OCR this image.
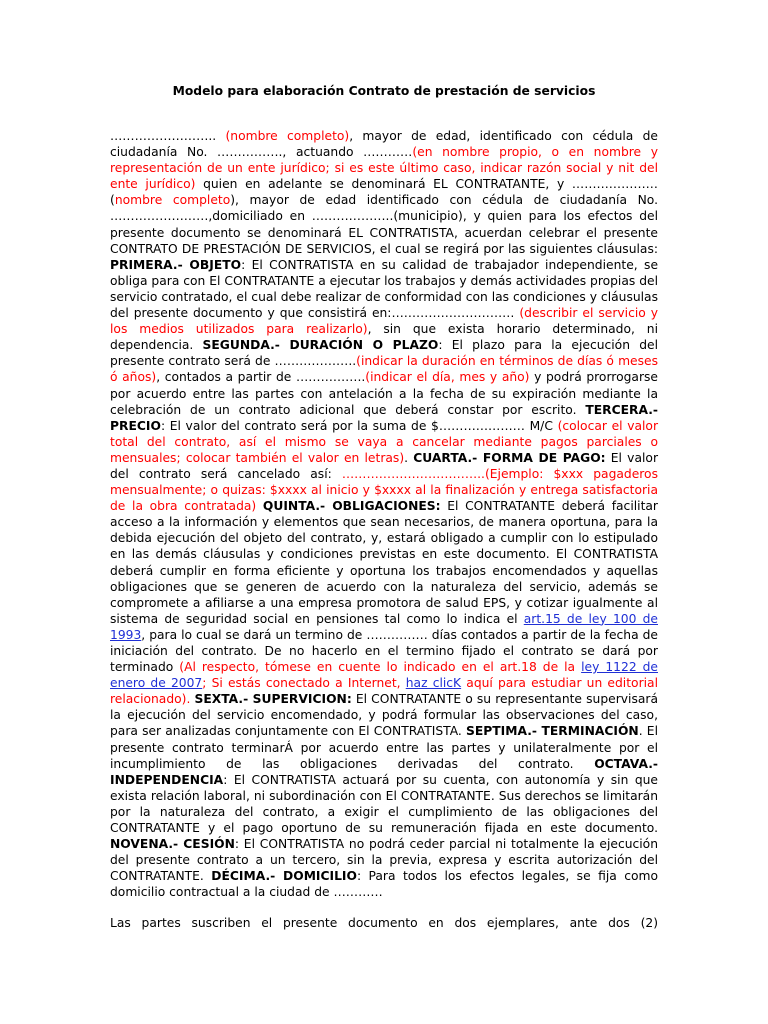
Modelo para elaboración Contrato de prestación de servicios
…………………….. (nombre completo), mayor de edad, identificado con cédula de ciudadanía No. ……………., actuando …………(en nombre propio, o en nombre y representación de un ente jurídico; si es este último caso, indicar razón social y nit del ente jurídico) quien en adelante se denominará EL CONTRATANTE, y …………………(nombre completo), mayor de edad identificado con cédula de ciudadanía No. ……………………,domiciliado en ………………..(municipio), y quien para los efectos del presente documento se denominará EL CONTRATISTA, acuerdan celebrar el presente CONTRATO DE PRESTACIÓN DE SERVICIOS, el cual se regirá por las siguientes cláusulas: PRIMERA.- OBJETO: El CONTRATISTA en su calidad de trabajador independiente, se obliga para con El CONTRATANTE a ejecutar los trabajos y demás actividades propias del servicio contratado, el cual debe realizar de conformidad con las condiciones y cláusulas del presente documento y que consistirá en:………………………… (describir el servicio y los medios utilizados para realizarlo), sin que exista horario determinado, ni dependencia. SEGUNDA.- DURACIÓN O PLAZO: El plazo para la ejecución del presente contrato será de ………………..(indicar la duración en términos de días ó meses ó años), contados a partir de ……………..(indicar el día, mes y año) y podrá prorrogarse por acuerdo entre las partes con antelación a la fecha de su expiración mediante la celebración de un contrato adicional que deberá constar por escrito. TERCERA.- PRECIO: El valor del contrato será por la suma de $………………… M/C (colocar el valor total del contrato, así el mismo se vaya a cancelar mediante pagos parciales o mensuales; colocar también el valor en letras). CUARTA.- FORMA DE PAGO: El valor del contrato será cancelado así: ……………………………..(Ejemplo: $xxx pagaderos mensualmente; o quizas: $xxxx al inicio y $xxxx al la finalización y entrega satisfactoria de la obra contratada) QUINTA.- OBLIGACIONES: El CONTRATANTE deberá facilitar acceso a la información y elementos que sean necesarios, de manera oportuna, para la debida ejecución del objeto del contrato, y, estará obligado a cumplir con lo estipulado en las demás cláusulas y condiciones previstas en este documento. El CONTRATISTA deberá cumplir en forma eficiente y oportuna los trabajos encomendados y aquellas obligaciones que se generen de acuerdo con la naturaleza del servicio, además se compromete a afiliarse a una empresa promotora de salud EPS, y cotizar igualmente al sistema de seguridad social en pensiones tal como lo indica el art.15 de ley 100 de 1993, para lo cual se dará un termino de …………… días contados a partir de la fecha de iniciación del contrato. De no hacerlo en el termino fijado el contrato se dará por terminado (Al respecto, tómese en cuente lo indicado en el art.18 de la ley 1122 de enero de 2007; Si estás conectado a Internet, haz clicK aquí para estudiar un editorial relacionado). SEXTA.- SUPERVICION: El CONTRATANTE o su representante supervisará la ejecución del servicio encomendado, y podrá formular las observaciones del caso, para ser analizadas conjuntamente con El CONTRATISTA. SEPTIMA.- TERMINACIÓN. El presente contrato terminarÁ por acuerdo entre las partes y unilateralmente por el incumplimiento de las obligaciones derivadas del contrato. OCTAVA.- INDEPENDENCIA: El CONTRATISTA actuará por su cuenta, con autonomía y sin que exista relación laboral, ni subordinación con El CONTRATANTE. Sus derechos se limitarán por la naturaleza del contrato, a exigir el cumplimiento de las obligaciones del CONTRATANTE y el pago oportuno de su remuneración fijada en este documento. NOVENA.- CESIÓN: El CONTRATISTA no podrá ceder parcial ni totalmente la ejecución del presente contrato a un tercero, sin la previa, expresa y escrita autorización del CONTRATANTE. DÉCIMA.- DOMICILIO: Para todos los efectos legales, se fija como domicilio contractual a la ciudad de …………
Las partes suscriben el presente documento en dos ejemplares, ante dos (2)
